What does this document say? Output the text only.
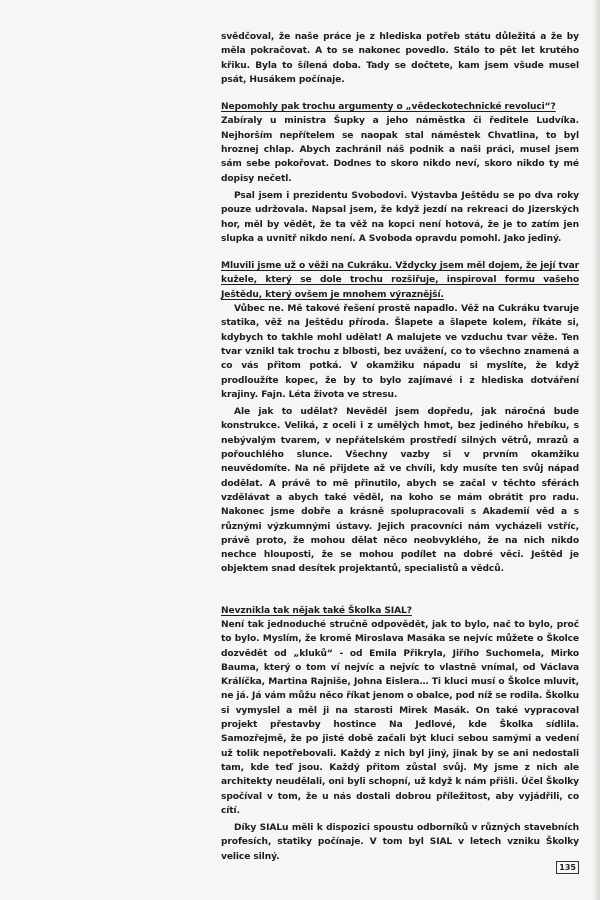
svědčoval, že naše práce je z hlediska potřeb státu důležitá a že by měla pokračovat. A to se nakonec povedlo. Stálo to pět let krutého křiku. Byla to šílená doba. Tady se dočtete, kam jsem všude musel psát, Husákem počínaje.

Nepomohly pak trochu argumenty o „vědeckotechnické revoluci“?

Zabíraly u ministra Šupky a jeho náměstka či ředitele Ludvíka. Nejhorším nepřítelem se naopak stal náměstek Chvatlina, to byl hroznej chlap. Abych zachránil náš podnik a naši práci, musel jsem sám sebe pokořovat. Dodnes to skoro nikdo neví, skoro nikdo ty mé dopisy nečetl.

Psal jsem i prezidentu Svobodovi. Výstavba Ještědu se po dva roky pouze udržovala. Napsal jsem, že když jezdí na rekreaci do Jizerských hor, měl by vědět, že ta věž na kopci není hotová, že je to zatím jen slupka a uvnitř nikdo není. A Svoboda opravdu pomohl. Jako jediný.

Mluvili jsme už o věži na Cukráku. Vždycky jsem měl dojem, že její tvar kužele, který se dole trochu rozšiřuje, inspiroval formu vašeho Ještědu, který ovšem je mnohem výraznější.

Vůbec ne. Mě takové řešení prostě napadlo. Věž na Cukráku tvaruje statika, věž na Ještědu příroda. Šlapete a šlapete kolem, říkáte si, kdybych to takhle mohl udělat! A malujete ve vzduchu tvar věže. Ten tvar vznikl tak trochu z blbosti, bez uvážení, co to všechno znamená a co vás přitom potká. V okamžiku nápadu si myslíte, že když prodloužíte kopec, že by to bylo zajímavé i z hlediska dotváření krajiny. Fajn. Léta života ve stresu.

Ale jak to udělat? Nevěděl jsem dopředu, jak náročná bude konstrukce. Veliká, z oceli i z umělých hmot, bez jediného hřebíku, s nebývalým tvarem, v nepřátelském prostředí silných větrů, mrazů a pořouchlého slunce. Všechny vazby si v prvním okamžiku neuvědomíte. Na ně přijdete až ve chvíli, kdy musíte ten svůj nápad dodělat. A právě to mě přinutilo, abych se začal v těchto sférách vzdělávat a abych také věděl, na koho se mám obrátit pro radu. Nakonec jsme dobře a krásně spolupracovali s Akademií věd a s různými výzkumnými ústavy. Jejich pracovníci nám vycházeli vstříc, právě proto, že mohou dělat něco neobvyklého, že na nich nikdo nechce hlouposti, že se mohou podílet na dobré věci. Ještěd je objektem snad desítek projektantů, specialistů a vědců.

Nevznikla tak nějak také Školka SIAL?

Není tak jednoduché stručně odpovědět, jak to bylo, nač to bylo, proč to bylo. Myslím, že kromě Miroslava Masáka se nejvíc můžete o Školce dozvědět od „kluků“ - od Emila Přikryla, Jiřího Suchomela, Mirko Bauma, který o tom ví nejvíc a nejvíc to vlastně vnímal, od Václava Králíčka, Martina Rajniše, Johna Eislera… Ti kluci musí o Školce mluvit, ne já. Já vám můžu něco říkat jenom o obalce, pod níž se rodila. Školku si vymyslel a měl ji na starosti Mirek Masák. On také vypracoval projekt přestavby hostince Na Jedlové, kde Školka sídlila. Samozřejmě, že po jisté době začali být kluci sebou samými a vedení už tolik nepotřebovali. Každý z nich byl jiný, jinak by se ani nedostali tam, kde teď jsou. Každý přitom zůstal svůj. My jsme z nich ale architekty neudělali, oni byli schopní, už když k nám přišli. Účel Školky spočíval v tom, že u nás dostali dobrou příležitost, aby vyjádřili, co cítí.

Díky SIALu měli k dispozici spoustu odborníků v různých stavebních profesích, statiky počínaje. V tom byl SIAL v letech vzniku Školky velice silný.

135
